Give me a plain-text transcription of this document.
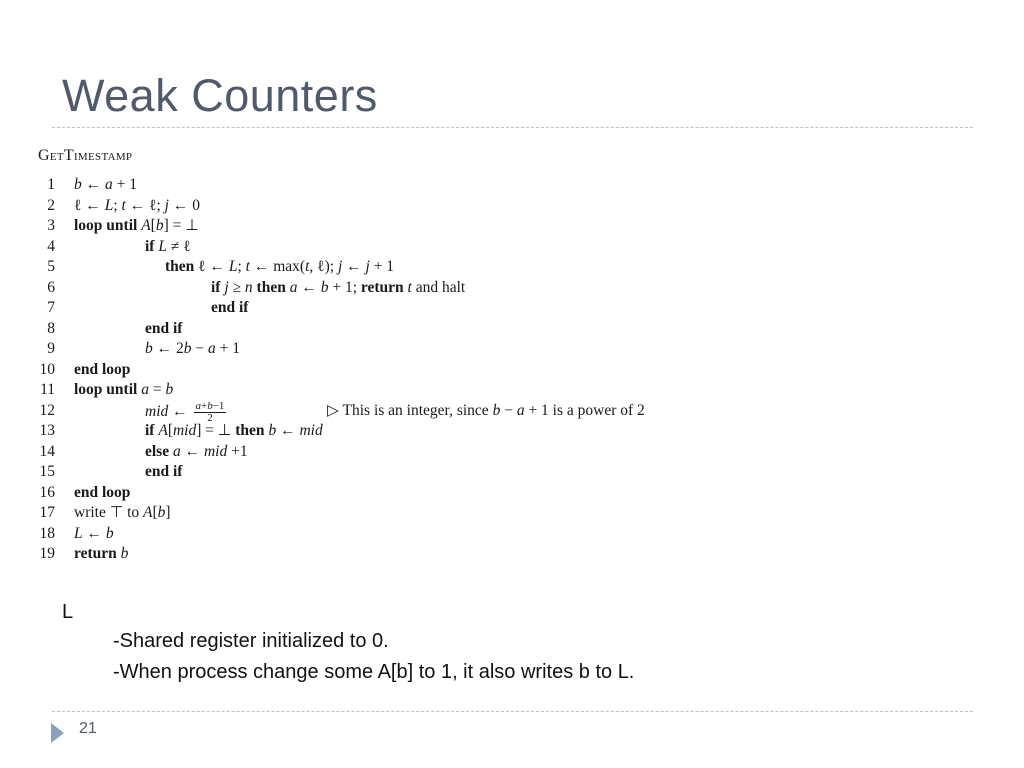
Weak Counters
GetTimestamp
1 b ← a + 1
2 ℓ ← L; t ← ℓ; j ← 0
3 loop until A[b] = ⊥
4	if L ≠ ℓ
5	then ℓ ← L; t ← max(t, ℓ); j ← j + 1
6	if j ≥ n then a ← b + 1; return t and halt
7	end if
8	end if
9	b ← 2b − a + 1
10 end loop
11 loop until a = b
12	mid ← $\frac{a+b-1}{2}$	▷ This is an integer, since b − a + 1 is a power of 2
13	if A[mid] = ⊥ then b ← mid
14	else a ← mid +1
15	end if
16 end loop
17 write ⊤ to A[b]
18 L ← b
19 return b
L
-Shared register initialized to 0.
-When process change some A[b] to 1, it also writes b to L.
21
